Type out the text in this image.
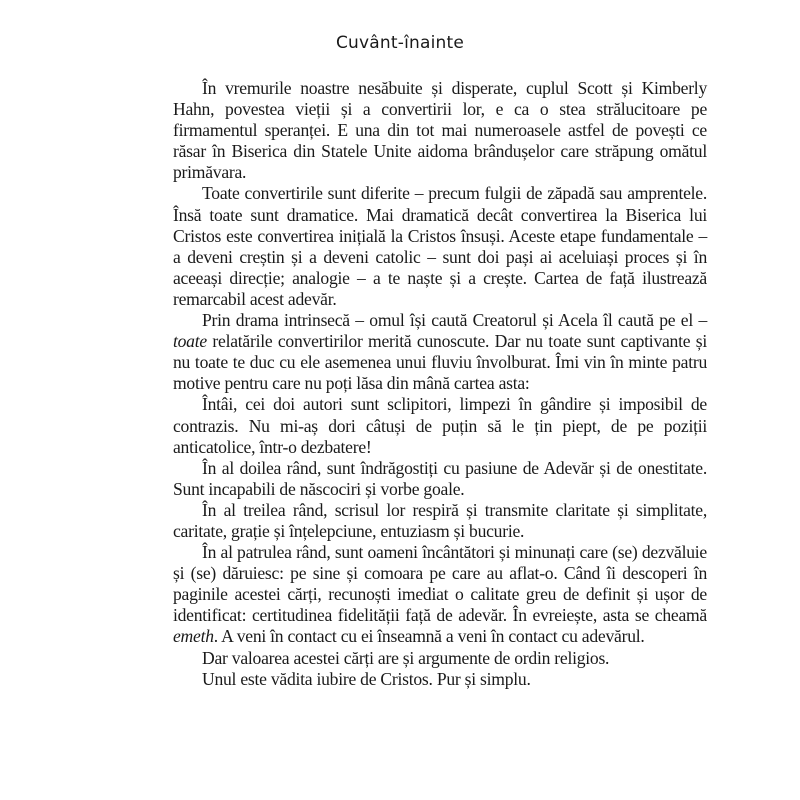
Cuvânt-înainte

În vremurile noastre nesăbuite și disperate, cuplul Scott și Kimberly Hahn, povestea vieții și a convertirii lor, e ca o stea strălucitoare pe firmamentul speranței. E una din tot mai numeroasele astfel de povești ce răsar în Biserica din Statele Unite aidoma brândușelor care străpung omătul primăvara.

Toate convertirile sunt diferite – precum fulgii de zăpadă sau amprentele. Însă toate sunt dramatice. Mai dramatică decât convertirea la Biserica lui Cristos este convertirea inițială la Cristos însuși. Aceste etape fundamentale – a deveni creștin și a deveni catolic – sunt doi pași ai aceluiași proces și în aceeași direcție; analogie – a te naște și a crește. Cartea de față ilustrează remarcabil acest adevăr.

Prin drama intrinsecă – omul își caută Creatorul și Acela îl caută pe el – toate relatările convertirilor merită cunoscute. Dar nu toate sunt captivante și nu toate te duc cu ele asemenea unui fluviu învolburat. Îmi vin în minte patru motive pentru care nu poți lăsa din mână cartea asta:

Întâi, cei doi autori sunt sclipitori, limpezi în gândire și imposibil de contrazis. Nu mi-aș dori câtuși de puțin să le țin piept, de pe poziții anticatolice, într-o dezbatere!

În al doilea rând, sunt îndrăgostiți cu pasiune de Adevăr și de onestitate. Sunt incapabili de născociri și vorbe goale.

În al treilea rând, scrisul lor respiră și transmite claritate și simplitate, caritate, grație și înțelepciune, entuziasm și bucurie.

În al patrulea rând, sunt oameni încântători și minunați care (se) dezvăluie și (se) dăruiesc: pe sine și comoara pe care au aflat-o. Când îi descoperi în paginile acestei cărți, recunoști imediat o calitate greu de definit și ușor de identificat: certitudinea fidelității față de adevăr. În evreiește, asta se cheamă emeth. A veni în contact cu ei înseamnă a veni în contact cu adevărul.

Dar valoarea acestei cărți are și argumente de ordin religios.

Unul este vădita iubire de Cristos. Pur și simplu.
